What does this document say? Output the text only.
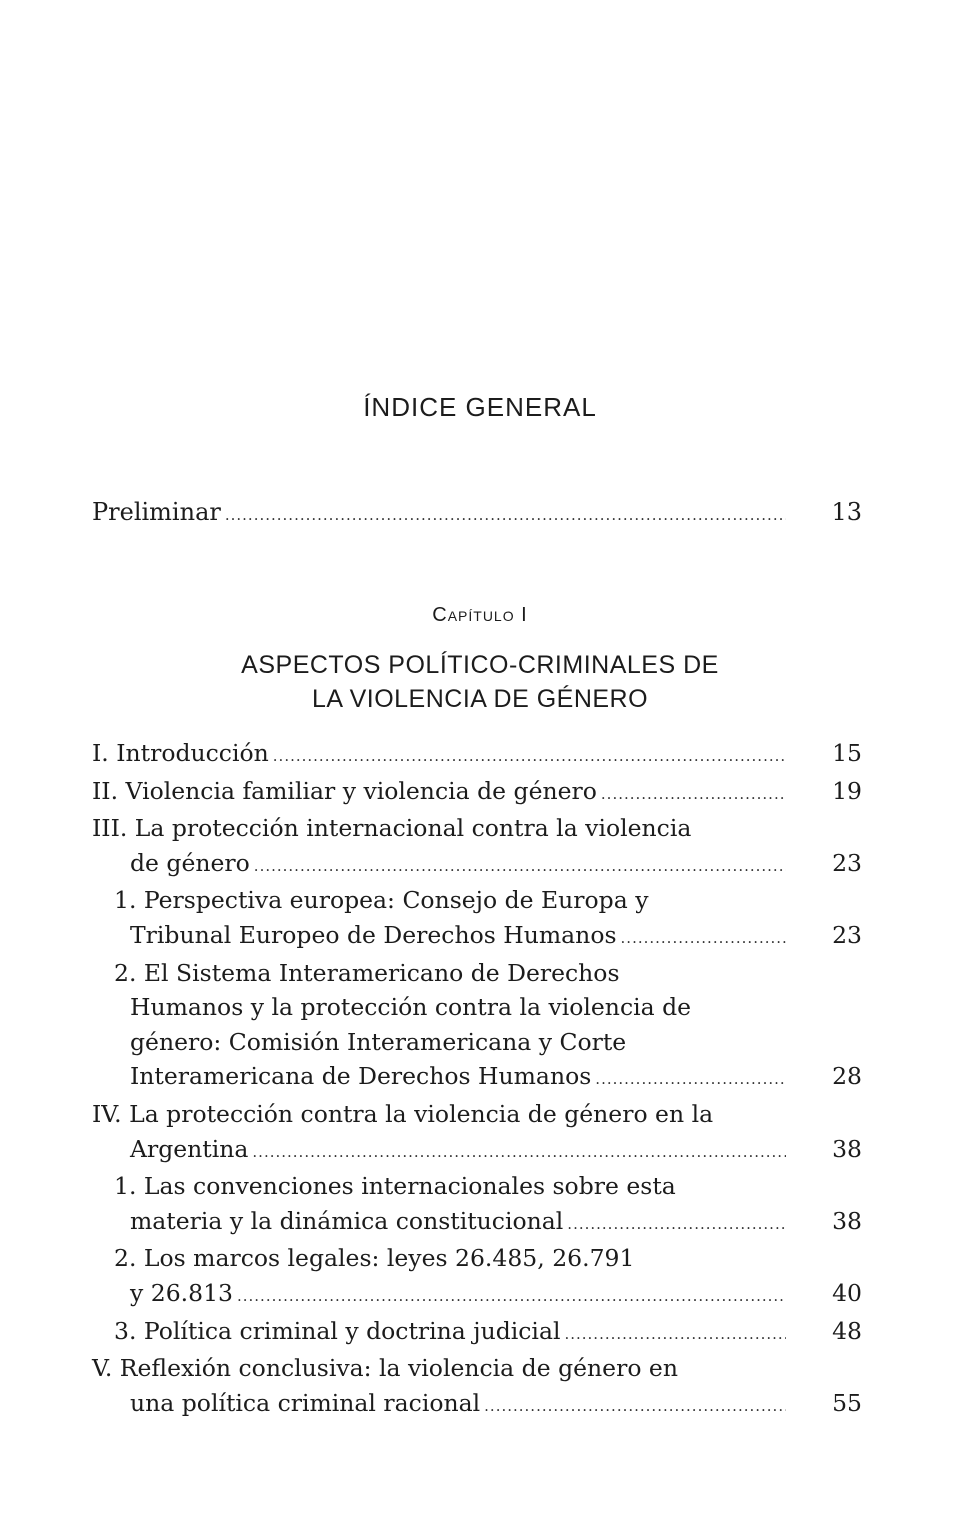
ÍNDICE GENERAL
Preliminar .....	13
Capítulo I
ASPECTOS POLÍTICO-CRIMINALES DE
LA VIOLENCIA DE GÉNERO
I. Introducción .....	15
II. Violencia familiar y violencia de género .....	19
III. La protección internacional contra la violencia
de género .....	23
1. Perspectiva europea: Consejo de Europa y
Tribunal Europeo de Derechos Humanos .....	23
2. El Sistema Interamericano de Derechos
Humanos y la protección contra la violencia de
género: Comisión Interamericana y Corte
Interamericana de Derechos Humanos .....	28
IV. La protección contra la violencia de género en la
Argentina .....	38
1. Las convenciones internacionales sobre esta
materia y la dinámica constitucional .....	38
2. Los marcos legales: leyes 26.485, 26.791
y 26.813 .....	40
3. Política criminal y doctrina judicial .....	48
V. Reflexión conclusiva: la violencia de género en
una política criminal racional .....	55
